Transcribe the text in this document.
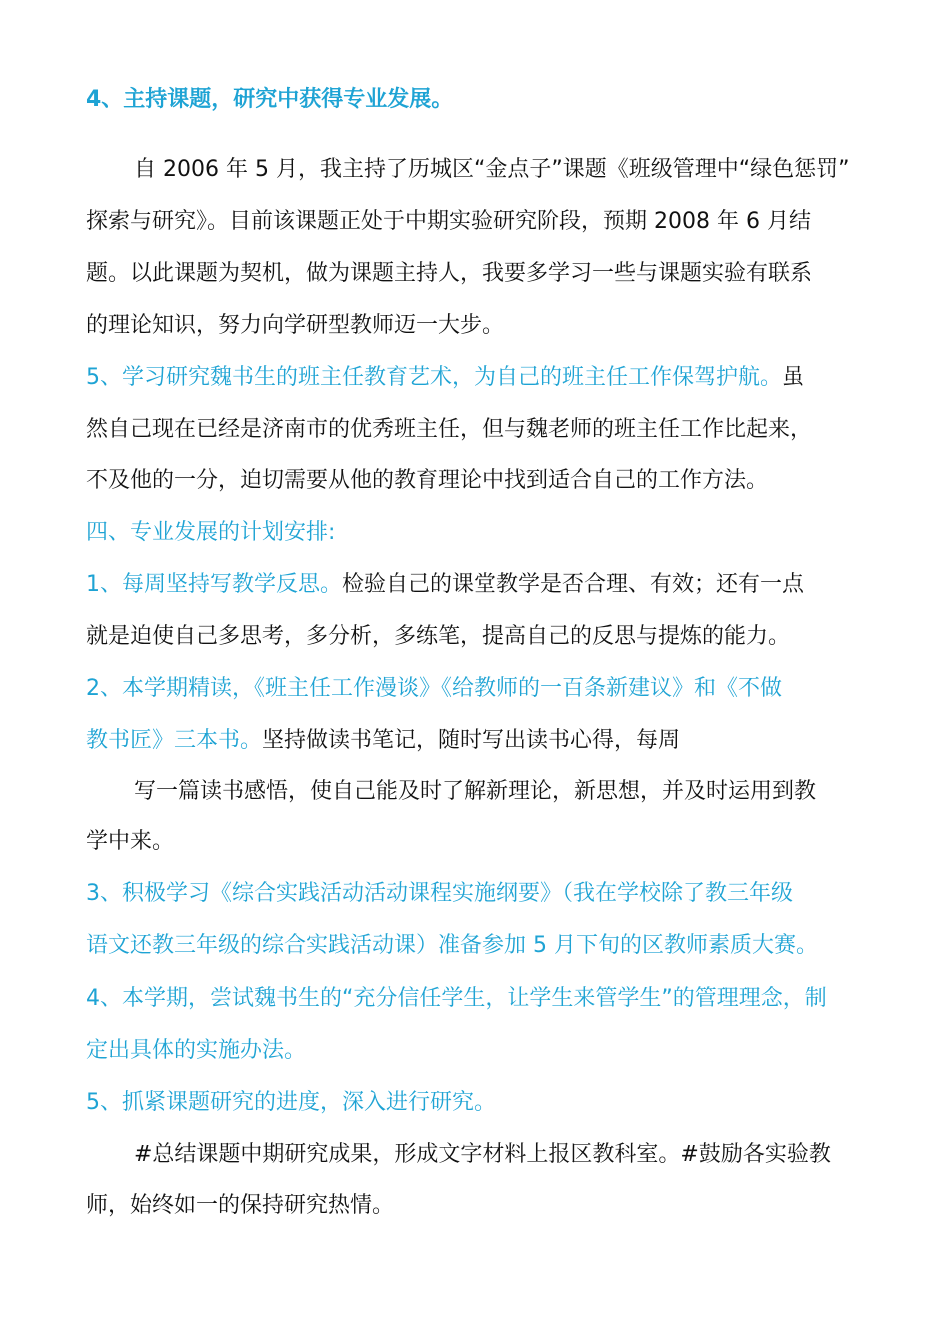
4、主持课题，研究中获得专业发展。
自 2006 年 5 月，我主持了历城区“金点子”课题《班级管理中“绿色惩罚”
探索与研究》。目前该课题正处于中期实验研究阶段，预期 2008 年 6 月结
题。以此课题为契机，做为课题主持人，我要多学习一些与课题实验有联系
的理论知识，努力向学研型教师迈一大步。
5、学习研究魏书生的班主任教育艺术，为自己的班主任工作保驾护航。虽
然自己现在已经是济南市的优秀班主任，但与魏老师的班主任工作比起来，
不及他的一分，迫切需要从他的教育理论中找到适合自己的工作方法。
四、专业发展的计划安排:
1、每周坚持写教学反思。检验自己的课堂教学是否合理、有效；还有一点
就是迫使自己多思考，多分析，多练笔，提高自己的反思与提炼的能力。
2、本学期精读，《班主任工作漫谈》《给教师的一百条新建议》和《不做
教书匠》三本书。坚持做读书笔记，随时写出读书心得，每周
写一篇读书感悟，使自己能及时了解新理论，新思想，并及时运用到教
学中来。
3、积极学习《综合实践活动活动课程实施纲要》（我在学校除了教三年级
语文还教三年级的综合实践活动课）准备参加 5 月下旬的区教师素质大赛。
4、本学期，尝试魏书生的“充分信任学生，让学生来管学生”的管理理念，制
定出具体的实施办法。
5、抓紧课题研究的进度，深入进行研究。
#总结课题中期研究成果，形成文字材料上报区教科室。#鼓励各实验教
师，始终如一的保持研究热情。
